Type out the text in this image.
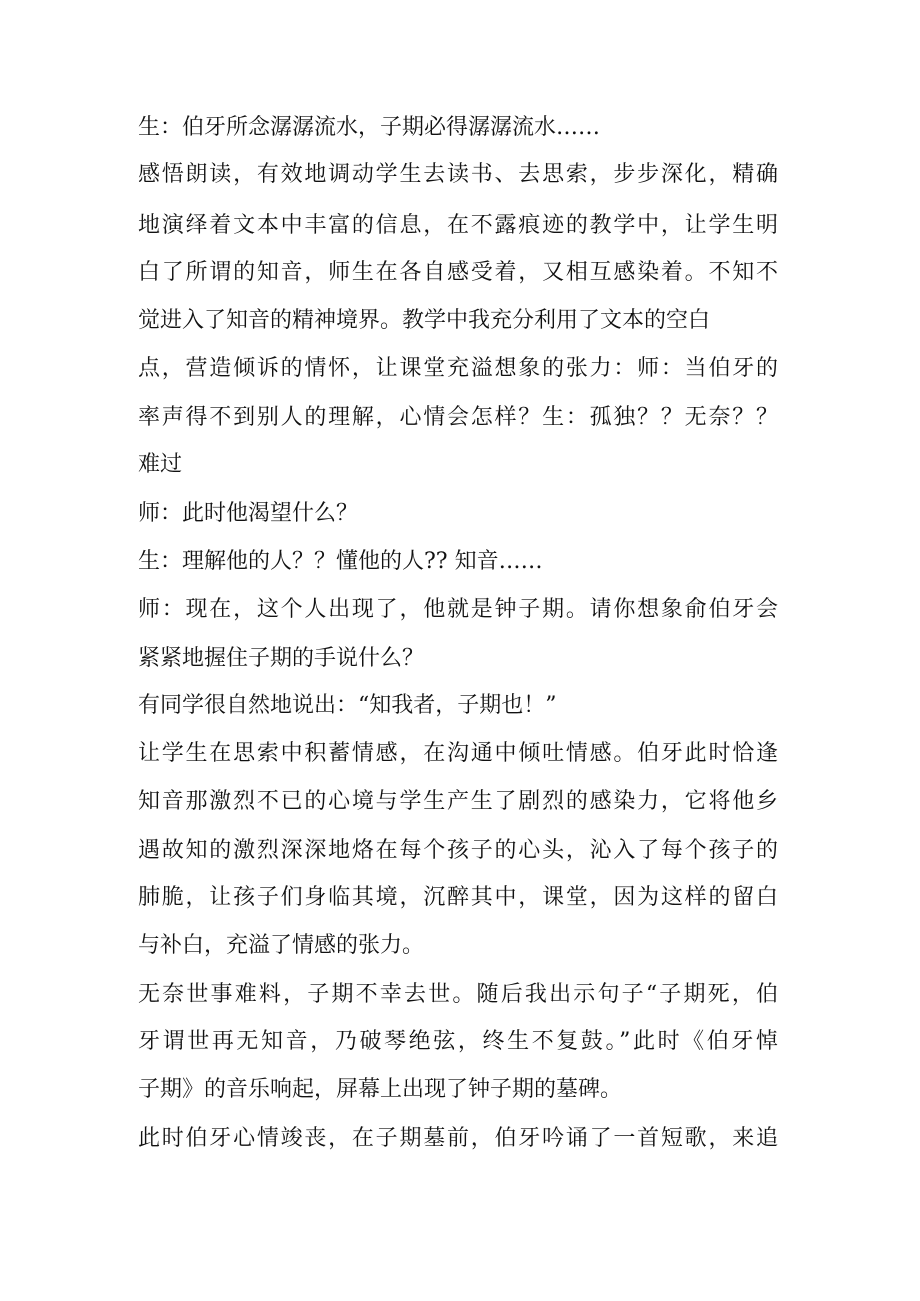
生：伯牙所念潺潺流水，子期必得潺潺流水……
感悟朗读，有效地调动学生去读书、去思索，步步深化，精确
地演绎着文本中丰富的信息，在不露痕迹的教学中，让学生明
白了所谓的知音，师生在各自感受着，又相互感染着。不知不
觉进入了知音的精神境界。教学中我充分利用了文本的空白
点，营造倾诉的情怀，让课堂充溢想象的张力：师：当伯牙的
率声得不到别人的理解，心情会怎样？生：孤独？？无奈？？
难过
师：此时他渴望什么？
生：理解他的人？？懂他的人?? 知音……
师：现在，这个人出现了，他就是钟子期。请你想象俞伯牙会
紧紧地握住子期的手说什么？
有同学很自然地说出：“知我者，子期也！”
让学生在思索中积蓄情感，在沟通中倾吐情感。伯牙此时恰逢
知音那激烈不已的心境与学生产生了剧烈的感染力，它将他乡
遇故知的激烈深深地烙在每个孩子的心头，沁入了每个孩子的
肺脆，让孩子们身临其境，沉醉其中，课堂，因为这样的留白
与补白，充溢了情感的张力。
无奈世事难料，子期不幸去世。随后我出示句子“子期死，伯
牙谓世再无知音，乃破琴绝弦，终生不复鼓。”此时《伯牙悼
子期》的音乐响起，屏幕上出现了钟子期的墓碑。
此时伯牙心情竣丧，在子期墓前，伯牙吟诵了一首短歌，来追
